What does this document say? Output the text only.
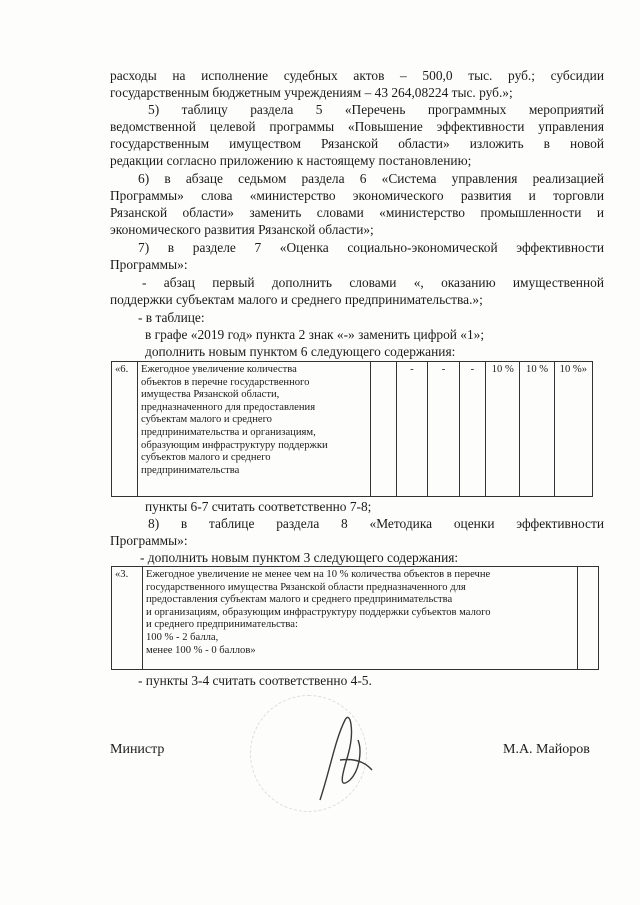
расходы на исполнение судебных актов – 500,0 тыс. руб.; субсидии
государственным бюджетным учреждениям – 43 264,08224 тыс. руб.»;
5) таблицу раздела 5 «Перечень программных мероприятий
ведомственной целевой программы «Повышение эффективности управления
государственным имуществом Рязанской области» изложить в новой
редакции согласно приложению к настоящему постановлению;
6) в абзаце седьмом раздела 6 «Система управления реализацией
Программы» слова «министерство экономического развития и торговли
Рязанской области» заменить словами «министерство промышленности и
экономического развития Рязанской области»;
7) в разделе 7 «Оценка социально-экономической эффективности
Программы»:
- абзац первый дополнить словами «, оказанию имущественной
поддержки субъектам малого и среднего предпринимательства.»;
- в таблице:
в графе «2019 год» пункта 2 знак «-» заменить цифрой «1»;
дополнить новым пунктом 6 следующего содержания:
«6.	Ежегодное увеличение количества
объектов в перечне государственного
имущества Рязанской области,
предназначенного для предоставления
субъектам малого и среднего
предпринимательства и организациям,
образующим инфраструктуру поддержки
субъектов малого и среднего
предпринимательства
		-	-	-	10 %	10 %	10 %»
пункты 6-7 считать соответственно 7-8;
8) в таблице раздела 8 «Методика оценки эффективности
Программы»:
- дополнить новым пунктом 3 следующего содержания:
«3.	Ежегодное увеличение не менее чем на 10 % количества объектов в перечне
государственного имущества Рязанской области предназначенного для
предоставления субъектам малого и среднего предпринимательства
и организациям, образующим инфраструктуру поддержки субъектов малого
и среднего предпринимательства:
100 % - 2 балла,
менее 100 % - 0 баллов»

- пункты 3-4 считать соответственно 4-5.
Министр	М.А. Майоров
